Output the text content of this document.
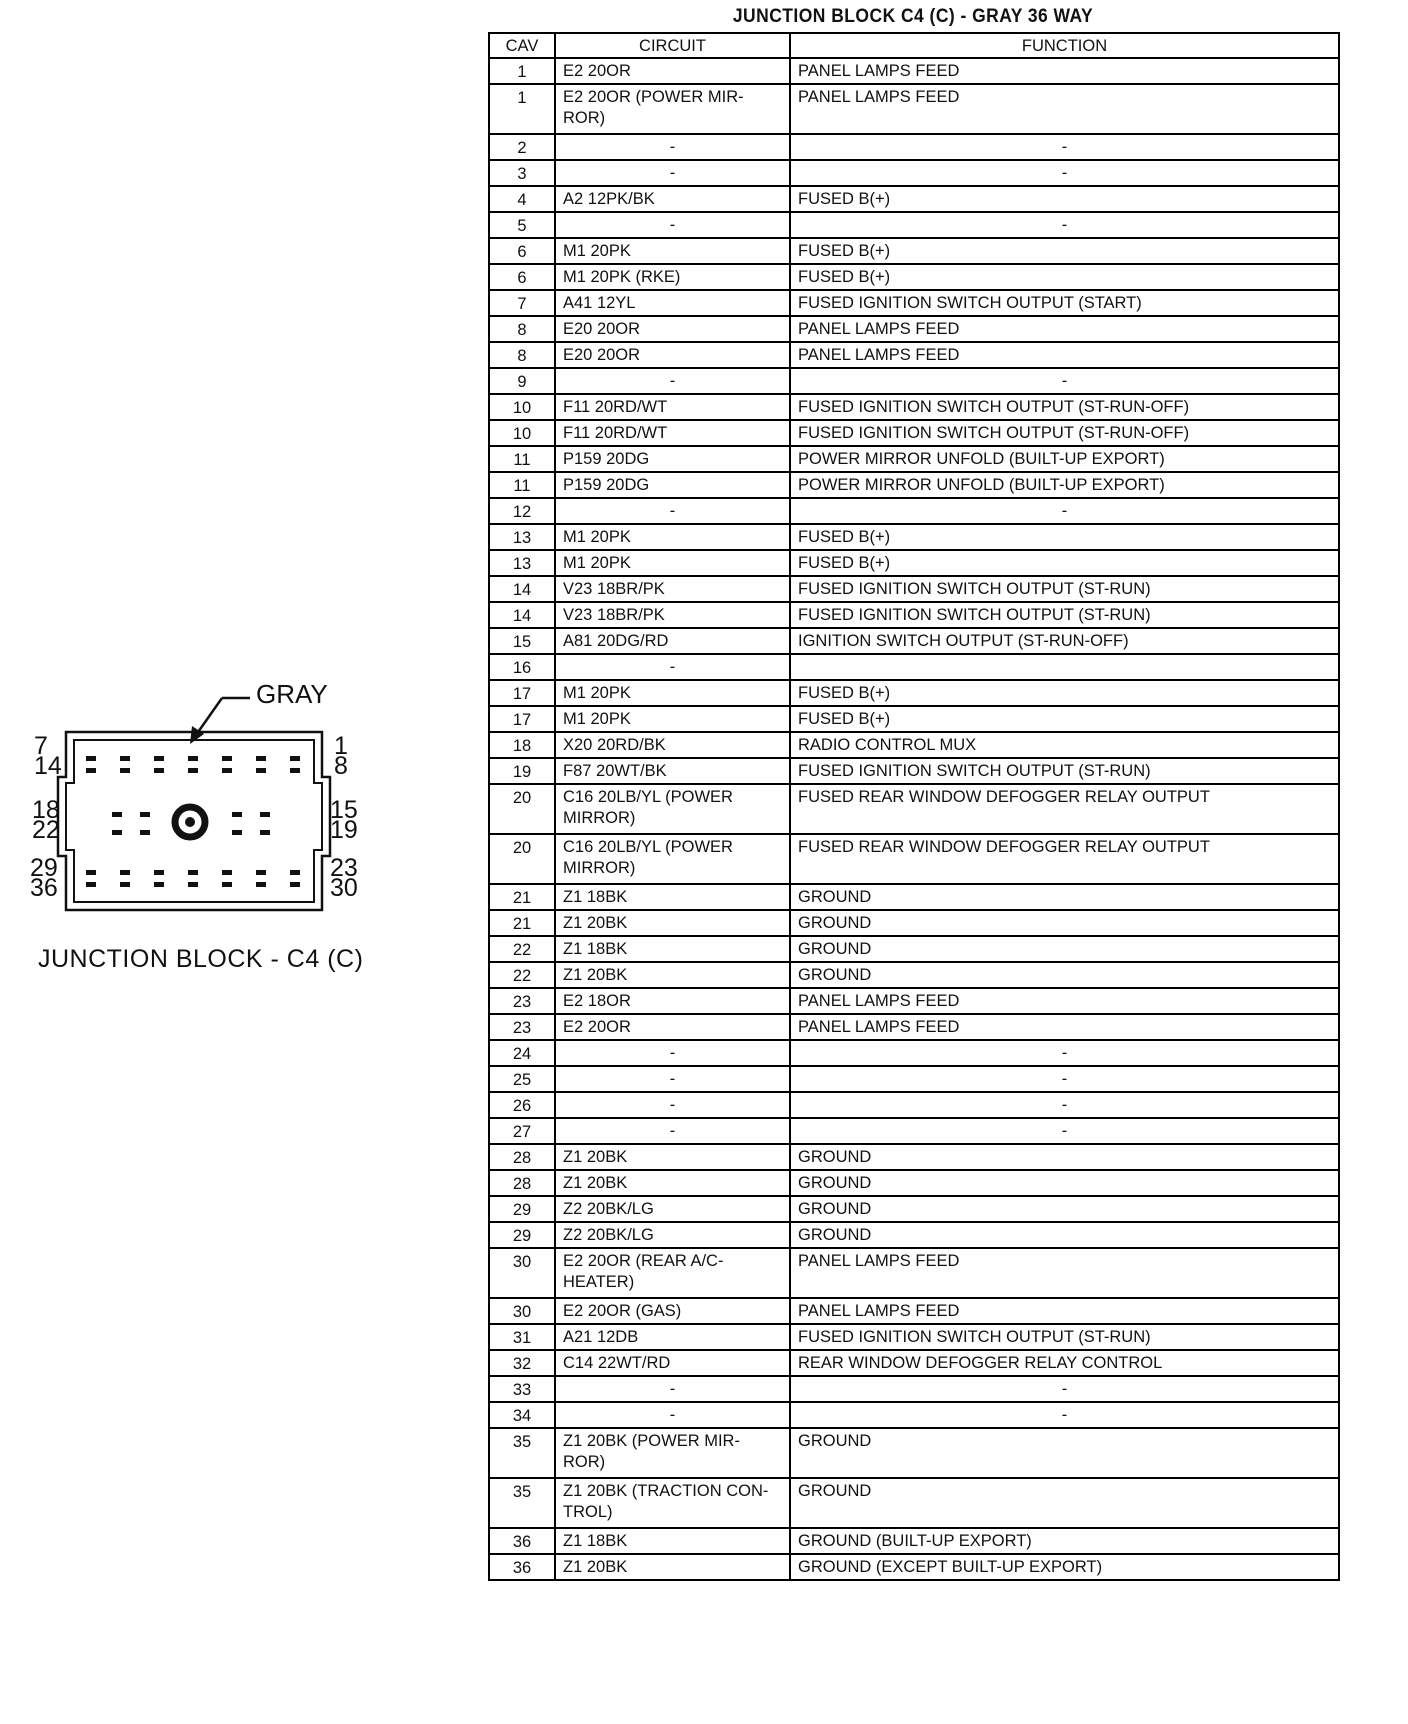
JUNCTION BLOCK C4 (C) - GRAY 36 WAY
CAV	CIRCUIT	FUNCTION
1	E2 20OR	PANEL LAMPS FEED
1	E2 20OR (POWER MIR-ROR)	PANEL LAMPS FEED
2	-	-
3	-	-
4	A2 12PK/BK	FUSED B(+)
5	-	-
6	M1 20PK	FUSED B(+)
6	M1 20PK (RKE)	FUSED B(+)
7	A41 12YL	FUSED IGNITION SWITCH OUTPUT (START)
8	E20 20OR	PANEL LAMPS FEED
8	E20 20OR	PANEL LAMPS FEED
9	-	-
10	F11 20RD/WT	FUSED IGNITION SWITCH OUTPUT (ST-RUN-OFF)
10	F11 20RD/WT	FUSED IGNITION SWITCH OUTPUT (ST-RUN-OFF)
11	P159 20DG	POWER MIRROR UNFOLD (BUILT-UP EXPORT)
11	P159 20DG	POWER MIRROR UNFOLD (BUILT-UP EXPORT)
12	-	-
13	M1 20PK	FUSED B(+)
13	M1 20PK	FUSED B(+)
14	V23 18BR/PK	FUSED IGNITION SWITCH OUTPUT (ST-RUN)
14	V23 18BR/PK	FUSED IGNITION SWITCH OUTPUT (ST-RUN)
15	A81 20DG/RD	IGNITION SWITCH OUTPUT (ST-RUN-OFF)
16	-	
17	M1 20PK	FUSED B(+)
17	M1 20PK	FUSED B(+)
18	X20 20RD/BK	RADIO CONTROL MUX
19	F87 20WT/BK	FUSED IGNITION SWITCH OUTPUT (ST-RUN)
20	C16 20LB/YL (POWER MIRROR)	FUSED REAR WINDOW DEFOGGER RELAY OUTPUT
20	C16 20LB/YL (POWER MIRROR)	FUSED REAR WINDOW DEFOGGER RELAY OUTPUT
21	Z1 18BK	GROUND
21	Z1 20BK	GROUND
22	Z1 18BK	GROUND
22	Z1 20BK	GROUND
23	E2 18OR	PANEL LAMPS FEED
23	E2 20OR	PANEL LAMPS FEED
24	-	-
25	-	-
26	-	-
27	-	-
28	Z1 20BK	GROUND
28	Z1 20BK	GROUND
29	Z2 20BK/LG	GROUND
29	Z2 20BK/LG	GROUND
30	E2 20OR (REAR A/C-HEATER)	PANEL LAMPS FEED
30	E2 20OR (GAS)	PANEL LAMPS FEED
31	A21 12DB	FUSED IGNITION SWITCH OUTPUT (ST-RUN)
32	C14 22WT/RD	REAR WINDOW DEFOGGER RELAY CONTROL
33	-	-
34	-	-
35	Z1 20BK (POWER MIR-ROR)	GROUND
35	Z1 20BK (TRACTION CON-TROL)	GROUND
36	Z1 18BK	GROUND (BUILT-UP EXPORT)
36	Z1 20BK	GROUND (EXCEPT BUILT-UP EXPORT)
GRAY
7
14
1
8
18
22
15
19
29
36
23
30
JUNCTION BLOCK - C4 (C)
